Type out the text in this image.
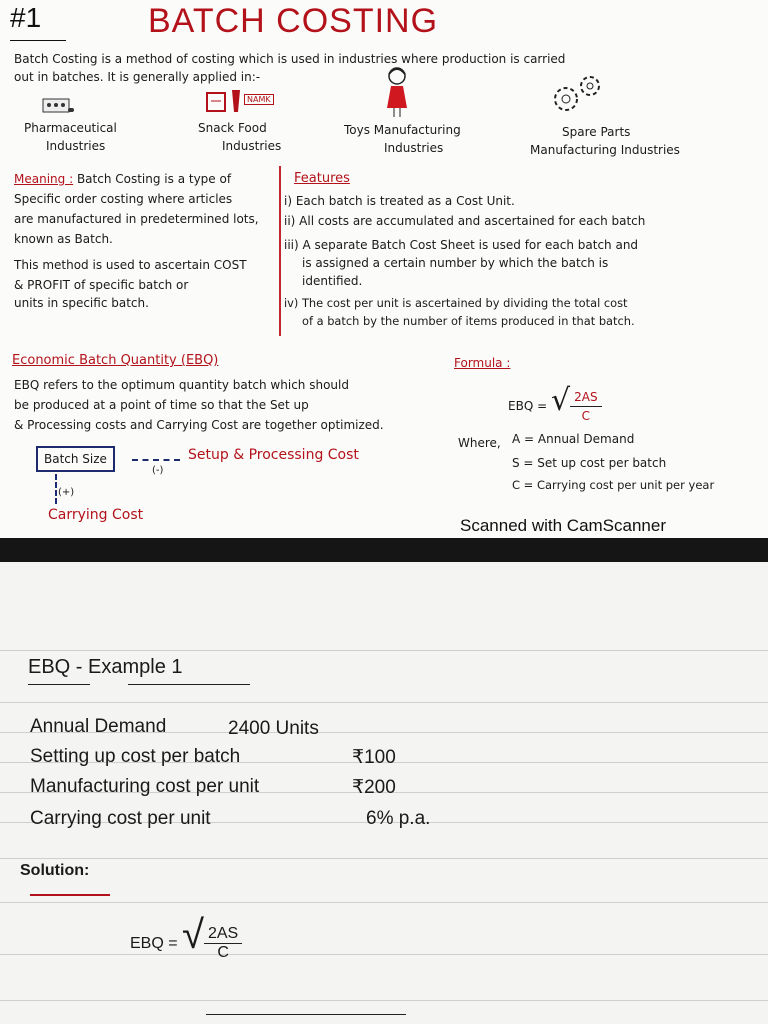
#1	BATCH COSTING
Batch Costing is a method of costing which is used in industries where production is carried
out in batches. It is generally applied in:-
NAMK
Pharmaceutical
Industries
Snack Food
Industries
Toys Manufacturing
Industries
Spare Parts
Manufacturing Industries
Meaning : Batch Costing is a type of
Specific order costing where articles
are manufactured in predetermined lots,
known as Batch.
This method is used to ascertain COST
& PROFIT of specific batch or
units in specific batch.
Features
i) Each batch is treated as a Cost Unit.
ii) All costs are accumulated and ascertained for each batch
iii) A separate Batch Cost Sheet is used for each batch and
is assigned a certain number by which the batch is
identified.
iv) The cost per unit is ascertained by dividing the total cost
of a batch by the number of items produced in that batch.
Economic Batch Quantity (EBQ)
EBQ refers to the optimum quantity batch which should
be produced at a point of time so that the Set up
& Processing costs and Carrying Cost are together optimized.
Batch Size
(-)
Setup & Processing Cost
(+)
Carrying Cost
Formula :
EBQ = √ $\frac{2AS}{C}$
Where, A = Annual Demand
S = Set up cost per batch
C = Carrying cost per unit per year
Scanned with CamScanner
EBQ - Example 1
Annual Demand	2400 Units
Setting up cost per batch	₹100
Manufacturing cost per unit	₹200
Carrying cost per unit	6% p.a.
Solution:
EBQ = √ $\frac{2AS}{C}$
